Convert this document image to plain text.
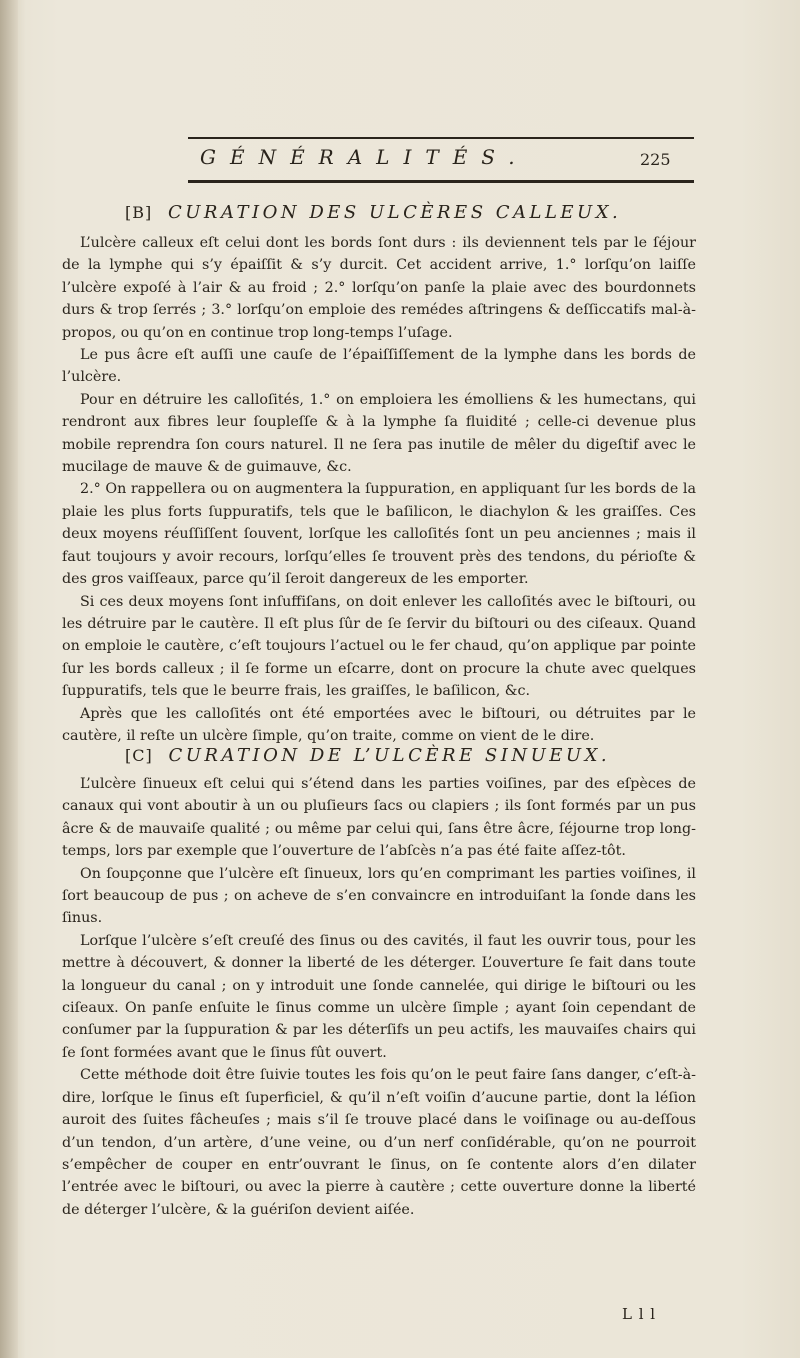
GÉNÉRALITÉS.	225
[B] CURATION DES ULCÈRES CALLEUX.

L’ulcère calleux eſt celui dont les bords ſont durs : ils deviennent tels par le ſéjour de la lymphe qui s’y épaiſſit & s’y durcit. Cet accident arrive, 1.° lorſqu’on laiſſe l’ulcère expoſé à l’air & au froid ; 2.° lorſqu’on panſe la plaie avec des bourdonnets durs & trop ſerrés ; 3.° lorſqu’on emploie des remédes aſtringens & deſſiccatifs mal-à-propos, ou qu’on en continue trop long-temps l’uſage.

Le pus âcre eſt auſſi une cauſe de l’épaiſſiſſement de la lymphe dans les bords de l’ulcère.

Pour en détruire les calloſités, 1.° on emploiera les émolliens & les humectans, qui rendront aux fibres leur ſoupleſſe & à la lymphe ſa fluidité ; celle-ci devenue plus mobile reprendra ſon cours naturel. Il ne ſera pas inutile de mêler du digeſtif avec le mucilage de mauve & de guimauve, &c.

2.° On rappellera ou on augmentera la ſuppuration, en appliquant ſur les bords de la plaie les plus forts ſuppuratifs, tels que le baſilicon, le diachylon & les graiſſes. Ces deux moyens réuſſiſſent ſouvent, lorſque les calloſités ſont un peu anciennes ; mais il faut toujours y avoir recours, lorſqu’elles ſe trouvent près des tendons, du périoſte & des gros vaiſſeaux, parce qu’il ſeroit dangereux de les emporter.

Si ces deux moyens ſont inſuffiſans, on doit enlever les calloſités avec le biſtouri, ou les détruire par le cautère. Il eſt plus ſûr de ſe ſervir du biſtouri ou des ciſeaux. Quand on emploie le cautère, c’eſt toujours l’actuel ou le fer chaud, qu’on applique par pointe ſur les bords calleux ; il ſe forme un eſcarre, dont on procure la chute avec quelques ſuppuratifs, tels que le beurre frais, les graiſſes, le baſilicon, &c.

Après que les calloſités ont été emportées avec le biſtouri, ou détruites par le cautère, il reſte un ulcère ſimple, qu’on traite, comme on vient de le dire.

[C] CURATION DE L’ULCÈRE SINUEUX.

L’ulcère ſinueux eſt celui qui s’étend dans les parties voiſines, par des eſpèces de canaux qui vont aboutir à un ou pluſieurs ſacs ou clapiers ; ils ſont formés par un pus âcre & de mauvaiſe qualité ; ou même par celui qui, ſans être âcre, ſéjourne trop long-temps, lors par exemple que l’ouverture de l’abſcès n’a pas été faite aſſez-tôt.

On ſoupçonne que l’ulcère eſt ſinueux, lors qu’en comprimant les parties voiſines, il ſort beaucoup de pus ; on acheve de s’en convaincre en introduiſant la ſonde dans les ſinus.

Lorſque l’ulcère s’eſt creuſé des ſinus ou des cavités, il faut les ouvrir tous, pour les mettre à découvert, & donner la liberté de les déterger. L’ouverture ſe fait dans toute la longueur du canal ; on y introduit une ſonde cannelée, qui dirige le biſtouri ou les ciſeaux. On panſe enſuite le ſinus comme un ulcère ſimple ; ayant ſoin cependant de conſumer par la ſuppuration & par les déterſifs un peu actifs, les mauvaiſes chairs qui ſe ſont formées avant que le ſinus fût ouvert.

Cette méthode doit être ſuivie toutes les fois qu’on le peut faire ſans danger, c’eſt-à-dire, lorſque le ſinus eſt ſuperficiel, & qu’il n’eſt voiſin d’aucune partie, dont la léſion auroit des ſuites fâcheuſes ; mais s’il ſe trouve placé dans le voiſinage ou au-deſſous d’un tendon, d’un artère, d’une veine, ou d’un nerf conſidérable, qu’on ne pourroit s’empêcher de couper en entr’ouvrant le ſinus, on ſe contente alors d’en dilater l’entrée avec le biſtouri, ou avec la pierre à cautère ; cette ouverture donne la liberté de déterger l’ulcère, & la guériſon devient aiſée.

L l l
